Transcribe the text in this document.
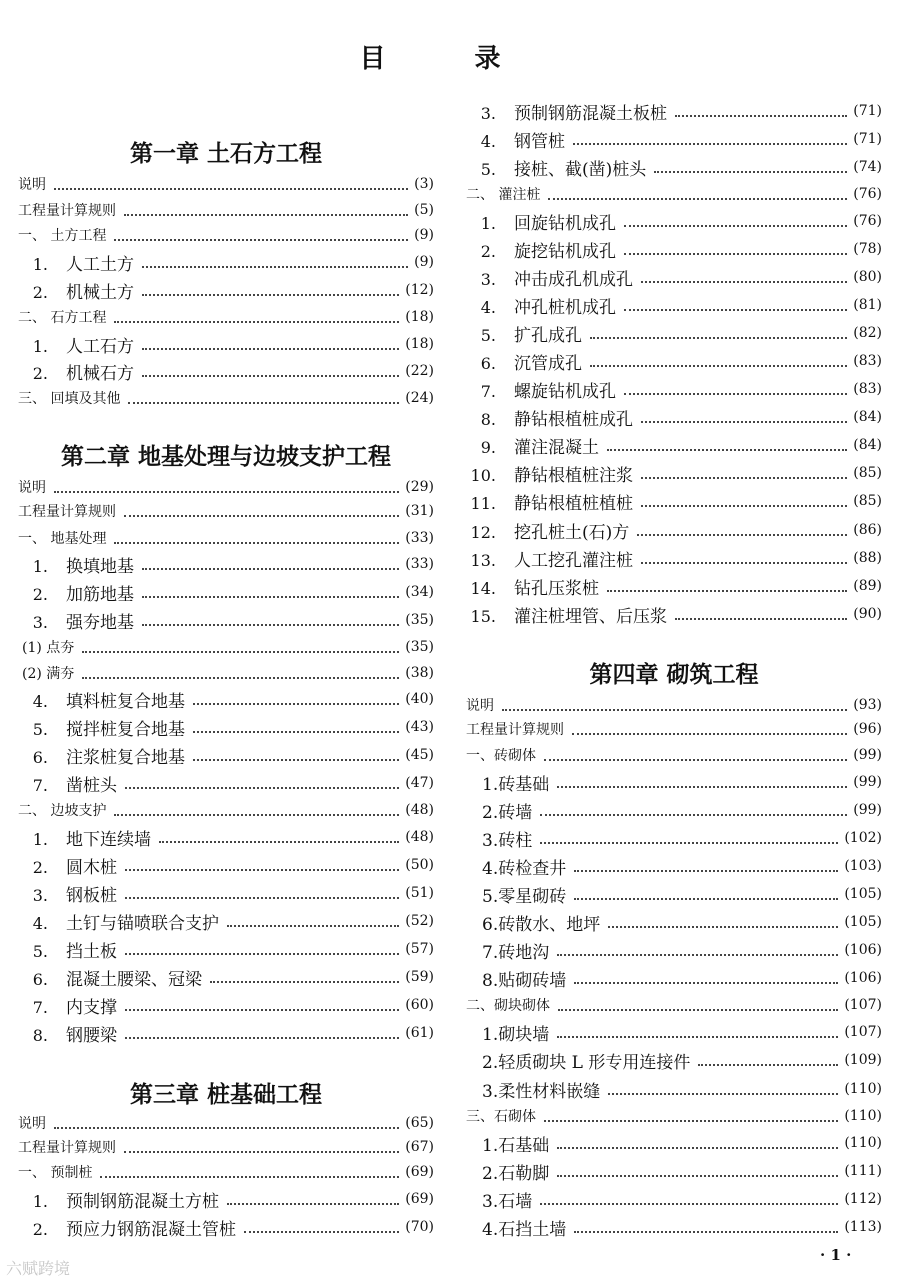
目 录
第一章 土石方工程
说明	(3)
工程量计算规则	(5)
一、 土方工程	(9)
1. 人工土方	(9)
2. 机械土方	(12)
二、 石方工程	(18)
1. 人工石方	(18)
2. 机械石方	(22)
三、 回填及其他	(24)
第二章 地基处理与边坡支护工程
说明	(29)
工程量计算规则	(31)
一、 地基处理	(33)
1. 换填地基	(33)
2. 加筋地基	(34)
3. 强夯地基	(35)
(1) 点夯	(35)
(2) 满夯	(38)
4. 填料桩复合地基	(40)
5. 搅拌桩复合地基	(43)
6. 注浆桩复合地基	(45)
7. 凿桩头	(47)
二、 边坡支护	(48)
1. 地下连续墙	(48)
2. 圆木桩	(50)
3. 钢板桩	(51)
4. 土钉与锚喷联合支护	(52)
5. 挡土板	(57)
6. 混凝土腰梁、冠梁	(59)
7. 内支撑	(60)
8. 钢腰梁	(61)
第三章 桩基础工程
说明	(65)
工程量计算规则	(67)
一、 预制桩	(69)
1. 预制钢筋混凝土方桩	(69)
2. 预应力钢筋混凝土管桩	(70)
3. 预制钢筋混凝土板桩	(71)
4. 钢管桩	(71)
5. 接桩、截(凿)桩头	(74)
二、 灌注桩	(76)
1. 回旋钻机成孔	(76)
2. 旋挖钻机成孔	(78)
3. 冲击成孔机成孔	(80)
4. 冲孔桩机成孔	(81)
5. 扩孔成孔	(82)
6. 沉管成孔	(83)
7. 螺旋钻机成孔	(83)
8. 静钻根植桩成孔	(84)
9. 灌注混凝土	(84)
10. 静钻根植桩注浆	(85)
11. 静钻根植桩植桩	(85)
12. 挖孔桩土(石)方	(86)
13. 人工挖孔灌注桩	(88)
14. 钻孔压浆桩	(89)
15. 灌注桩埋管、后压浆	(90)
第四章 砌筑工程
说明	(93)
工程量计算规则	(96)
一、砖砌体	(99)
1.砖基础	(99)
2.砖墙	(99)
3.砖柱	(102)
4.砖检查井	(103)
5.零星砌砖	(105)
6.砖散水、地坪	(105)
7.砖地沟	(106)
8.贴砌砖墙	(106)
二、砌块砌体	(107)
1.砌块墙	(107)
2.轻质砌块 L 形专用连接件	(109)
3.柔性材料嵌缝	(110)
三、石砌体	(110)
1.石基础	(110)
2.石勒脚	(111)
3.石墙	(112)
4.石挡土墙	(113)
· 1 ·
六赋跨境
